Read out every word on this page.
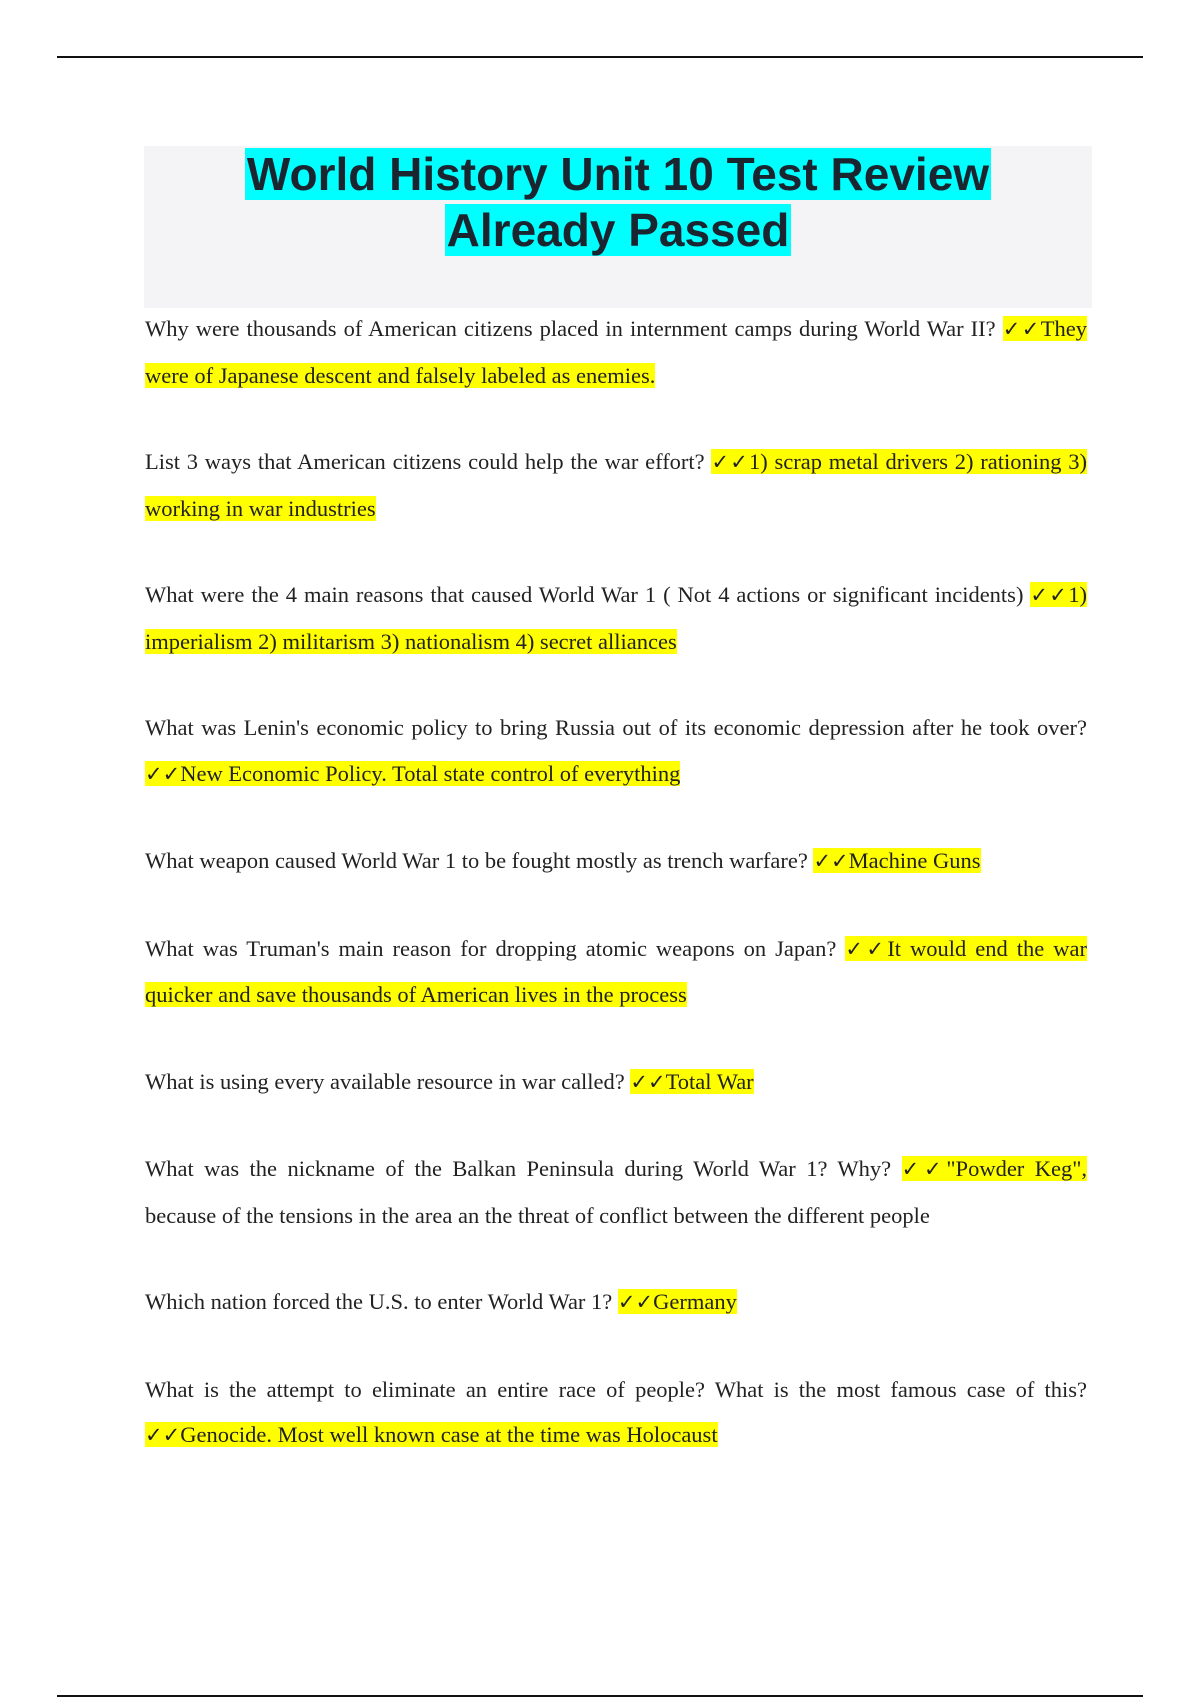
World History Unit 10 Test Review
Already Passed

Why were thousands of American citizens placed in internment camps during World War II? ✓✓They were of Japanese descent and falsely labeled as enemies.

List 3 ways that American citizens could help the war effort? ✓✓1) scrap metal drivers 2) rationing 3) working in war industries

What were the 4 main reasons that caused World War 1 ( Not 4 actions or significant incidents) ✓✓1) imperialism 2) militarism 3) nationalism 4) secret alliances

What was Lenin's economic policy to bring Russia out of its economic depression after he took over? ✓✓New Economic Policy. Total state control of everything

What weapon caused World War 1 to be fought mostly as trench warfare? ✓✓Machine Guns

What was Truman's main reason for dropping atomic weapons on Japan? ✓✓It would end the war quicker and save thousands of American lives in the process

What is using every available resource in war called? ✓✓Total War

What was the nickname of the Balkan Peninsula during World War 1? Why? ✓✓"Powder Keg", because of the tensions in the area an the threat of conflict between the different people

Which nation forced the U.S. to enter World War 1? ✓✓Germany

What is the attempt to eliminate an entire race of people? What is the most famous case of this? ✓✓Genocide. Most well known case at the time was Holocaust
